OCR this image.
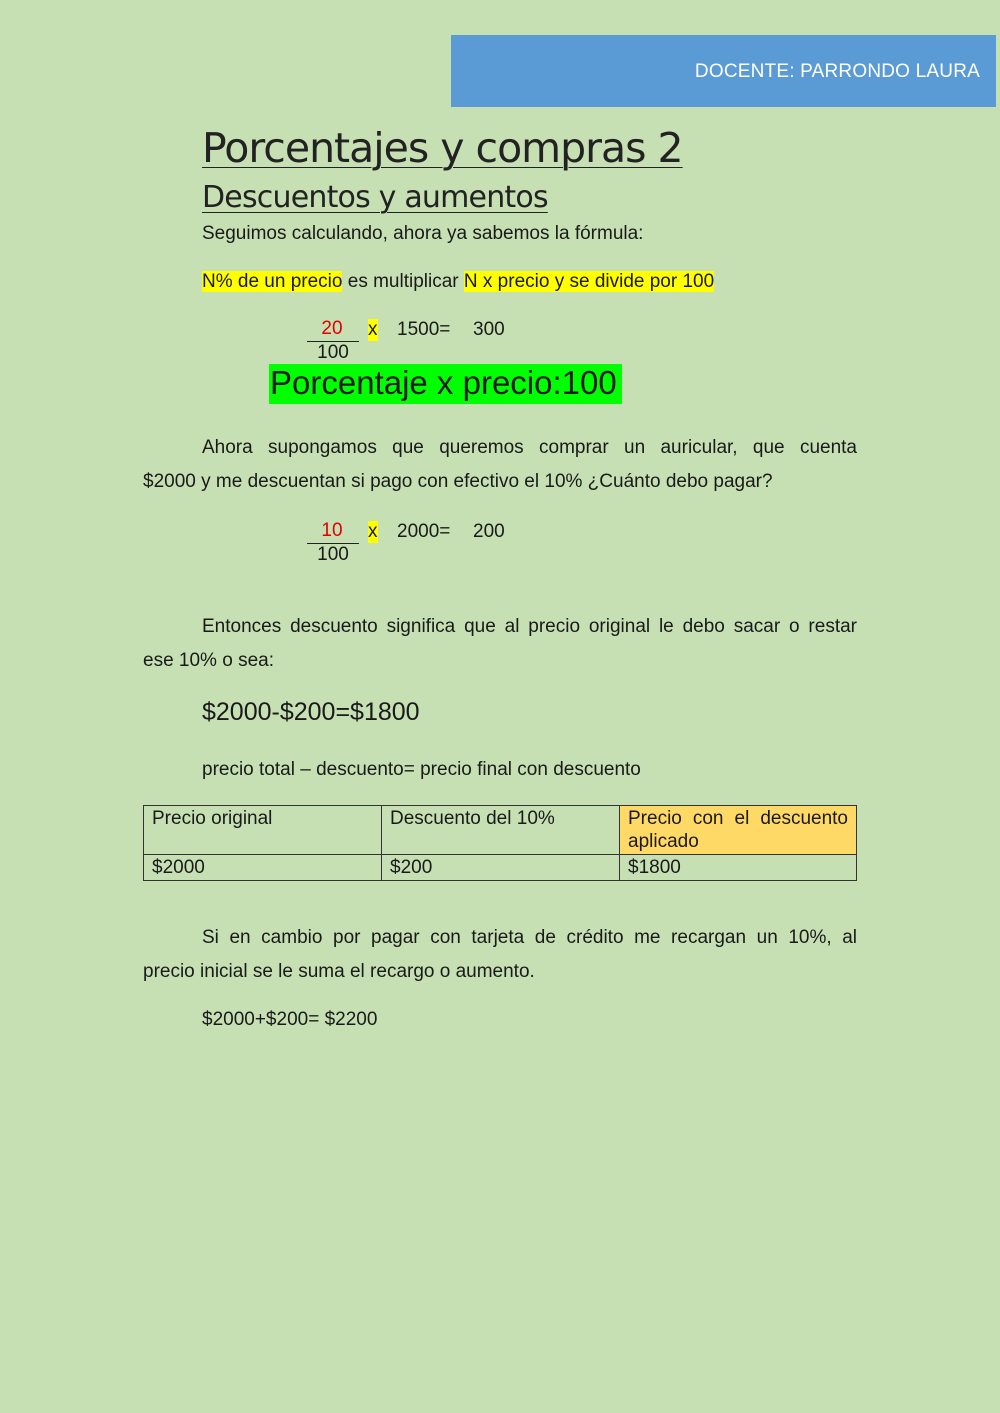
DOCENTE: PARRONDO LAURA
Porcentajes y compras 2
Descuentos y aumentos
Seguimos calculando, ahora ya sabemos la fórmula:
N% de un precio es multiplicar N x precio y se divide por 100
20
100
x 1500= 300
Porcentaje x precio:100
Ahora supongamos que queremos comprar un auricular, que cuenta
$2000 y me descuentan si pago con efectivo el 10% ¿Cuánto debo pagar?
10
100
x 2000= 200
Entonces descuento significa que al precio original le debo sacar o restar
ese 10% o sea:
$2000-$200=$1800
precio total – descuento= precio final con descuento
Precio original	Descuento del 10%	Precio con el descuento aplicado
$2000	$200	$1800
Si en cambio por pagar con tarjeta de crédito me recargan un 10%, al
precio inicial se le suma el recargo o aumento.
$2000+$200= $2200
